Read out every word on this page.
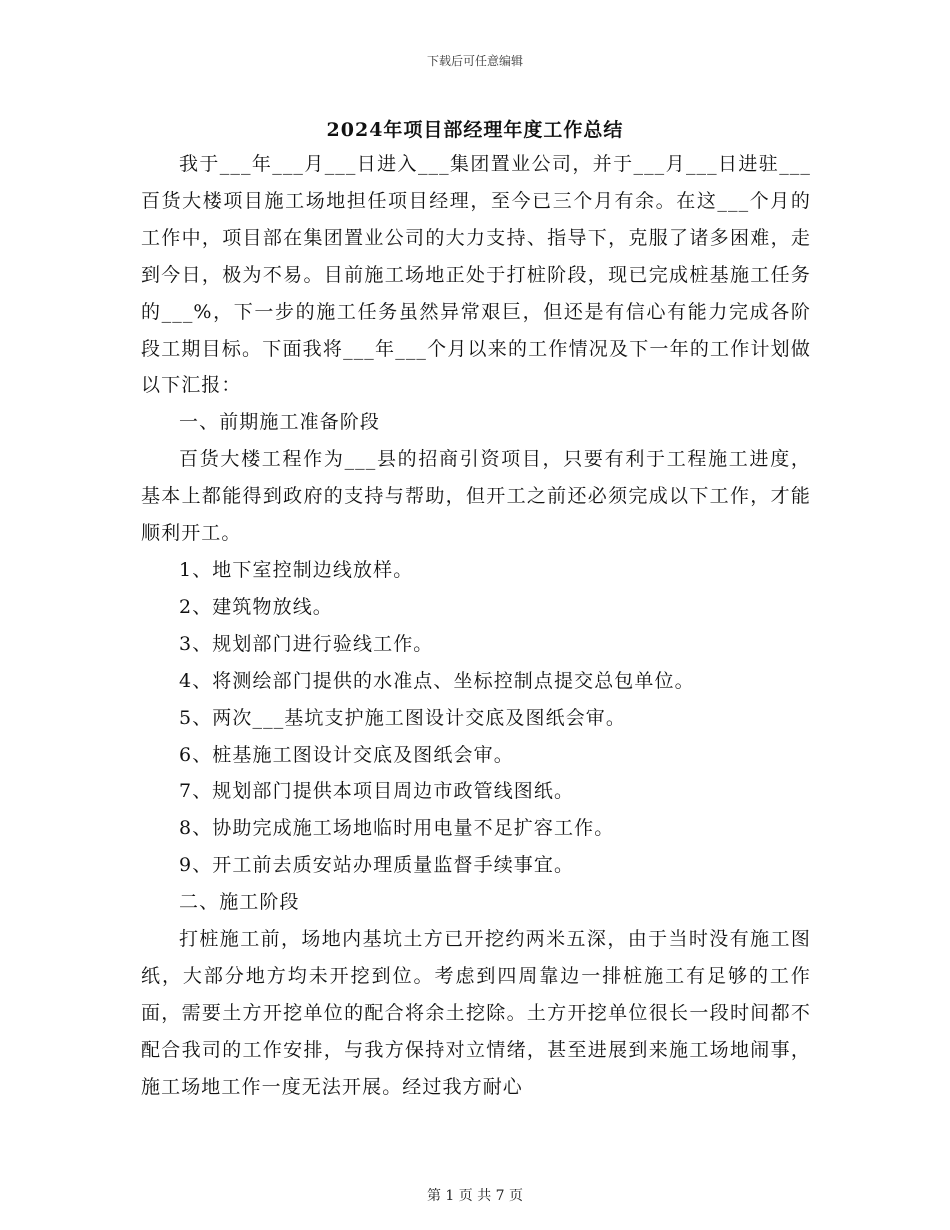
下载后可任意编辑
2024年项目部经理年度工作总结

我于___年___月___日进入___集团置业公司，并于___月___日进驻___百货大楼项目施工场地担任项目经理，至今已三个月有余。在这___个月的工作中，项目部在集团置业公司的大力支持、指导下，克服了诸多困难，走到今日，极为不易。目前施工场地正处于打桩阶段，现已完成桩基施工任务的___%，下一步的施工任务虽然异常艰巨，但还是有信心有能力完成各阶段工期目标。下面我将___年___个月以来的工作情况及下一年的工作计划做以下汇报：

一、前期施工准备阶段

百货大楼工程作为___县的招商引资项目，只要有利于工程施工进度，基本上都能得到政府的支持与帮助，但开工之前还必须完成以下工作，才能顺利开工。

1、地下室控制边线放样。

2、建筑物放线。

3、规划部门进行验线工作。

4、将测绘部门提供的水准点、坐标控制点提交总包单位。

5、两次___基坑支护施工图设计交底及图纸会审。

6、桩基施工图设计交底及图纸会审。

7、规划部门提供本项目周边市政管线图纸。

8、协助完成施工场地临时用电量不足扩容工作。

9、开工前去质安站办理质量监督手续事宜。

二、施工阶段

打桩施工前，场地内基坑土方已开挖约两米五深，由于当时没有施工图纸，大部分地方均未开挖到位。考虑到四周靠边一排桩施工有足够的工作面，需要土方开挖单位的配合将余土挖除。土方开挖单位很长一段时间都不配合我司的工作安排，与我方保持对立情绪，甚至进展到来施工场地闹事，施工场地工作一度无法开展。经过我方耐心

第 1 页 共 7 页
